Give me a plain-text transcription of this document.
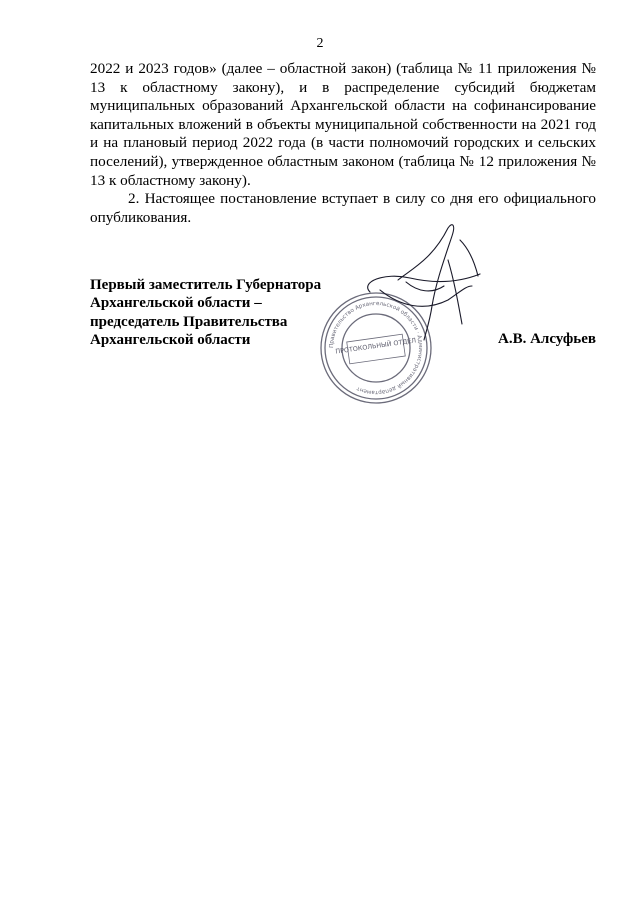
2

2022 и 2023 годов» (далее – областной закон) (таблица № 11 приложения № 13 к областному закону), и в распределение субсидий бюджетам муниципальных образований Архангельской области на софинансирование капитальных вложений в объекты муниципальной собственности на 2021 год и на плановый период 2022 года (в части полномочий городских и сельских поселений), утвержденное областным законом (таблица № 12 приложения № 13 к областному закону).

2. Настоящее постановление вступает в силу со дня его официального опубликования.

Первый заместитель Губернатора
Архангельской области –
председатель Правительства
Архангельской области	А.В. Алсуфьев
Правительство Архангельской области · Административный департамент
ПРОТОКОЛЬНЫЙ ОТДЕЛ
